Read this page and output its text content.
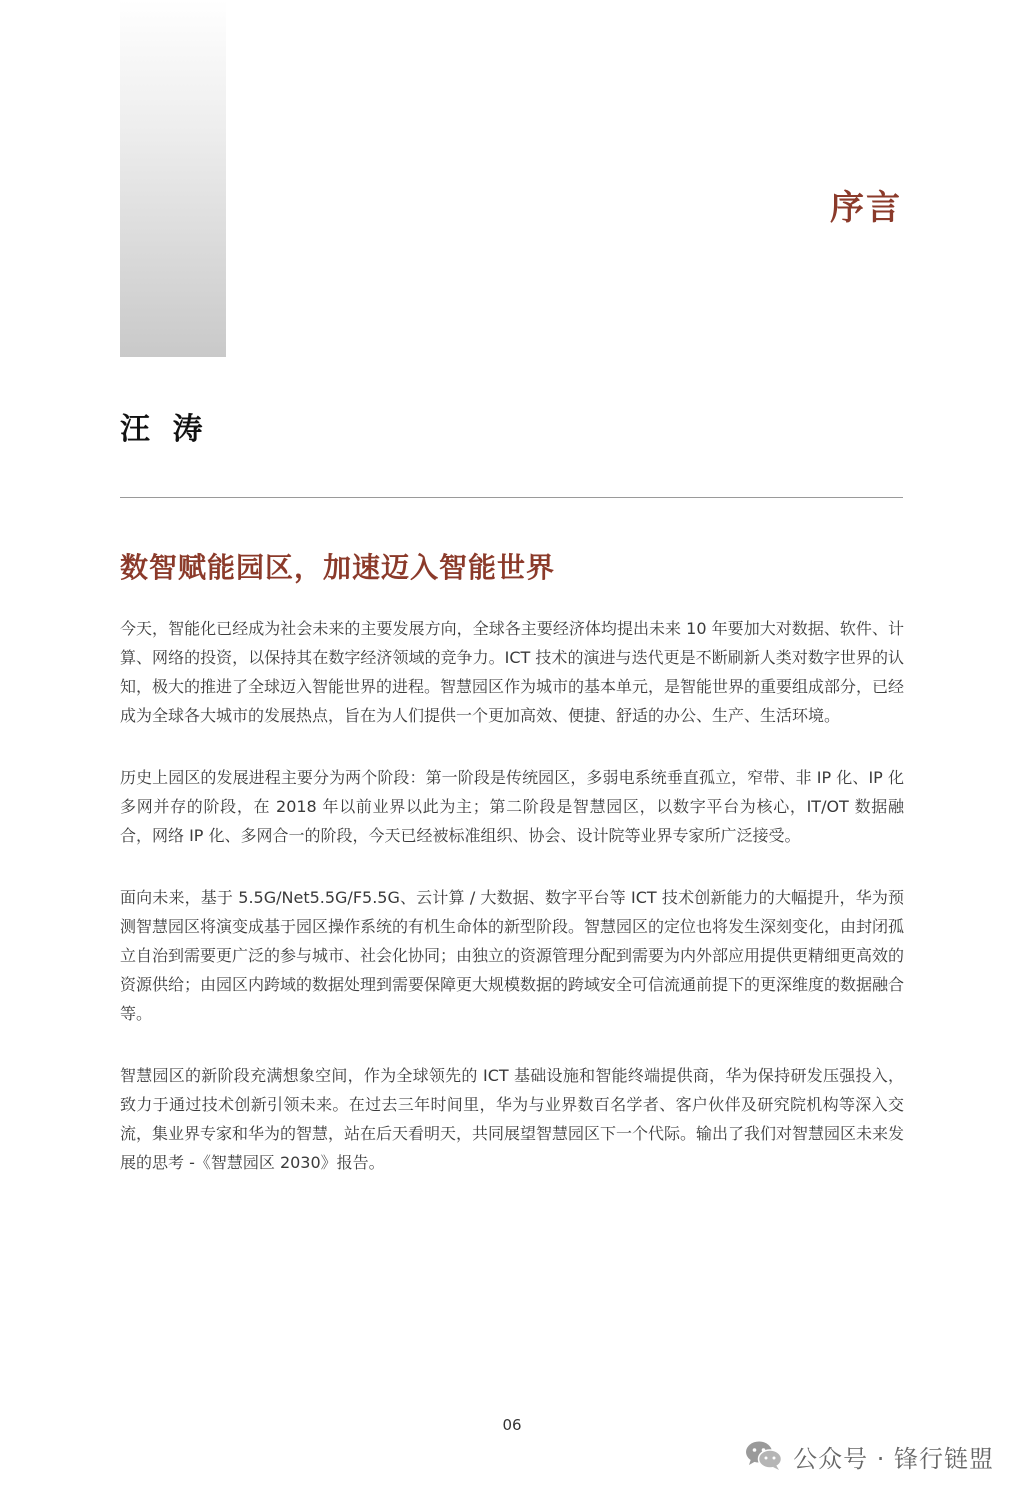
序言
汪 涛
数智赋能园区，加速迈入智能世界

今天，智能化已经成为社会未来的主要发展方向，全球各主要经济体均提出未来 10 年要加大对数据、软件、计算、网络的投资，以保持其在数字经济领域的竞争力。ICT 技术的演进与迭代更是不断刷新人类对数字世界的认知，极大的推进了全球迈入智能世界的进程。智慧园区作为城市的基本单元，是智能世界的重要组成部分，已经成为全球各大城市的发展热点，旨在为人们提供一个更加高效、便捷、舒适的办公、生产、生活环境。

历史上园区的发展进程主要分为两个阶段：第一阶段是传统园区，多弱电系统垂直孤立，窄带、非 IP 化、IP 化多网并存的阶段，在 2018 年以前业界以此为主；第二阶段是智慧园区，以数字平台为核心，IT/OT 数据融合，网络 IP 化、多网合一的阶段，今天已经被标准组织、协会、设计院等业界专家所广泛接受。

面向未来，基于 5.5G/Net5.5G/F5.5G、云计算 / 大数据、数字平台等 ICT 技术创新能力的大幅提升，华为预测智慧园区将演变成基于园区操作系统的有机生命体的新型阶段。智慧园区的定位也将发生深刻变化，由封闭孤立自治到需要更广泛的参与城市、社会化协同；由独立的资源管理分配到需要为内外部应用提供更精细更高效的资源供给；由园区内跨域的数据处理到需要保障更大规模数据的跨域安全可信流通前提下的更深维度的数据融合等。

智慧园区的新阶段充满想象空间，作为全球领先的 ICT 基础设施和智能终端提供商，华为保持研发压强投入，致力于通过技术创新引领未来。在过去三年时间里，华为与业界数百名学者、客户伙伴及研究院机构等深入交流，集业界专家和华为的智慧，站在后天看明天，共同展望智慧园区下一个代际。输出了我们对智慧园区未来发展的思考 -《智慧园区 2030》报告。

06
公众号 · 锋行链盟
